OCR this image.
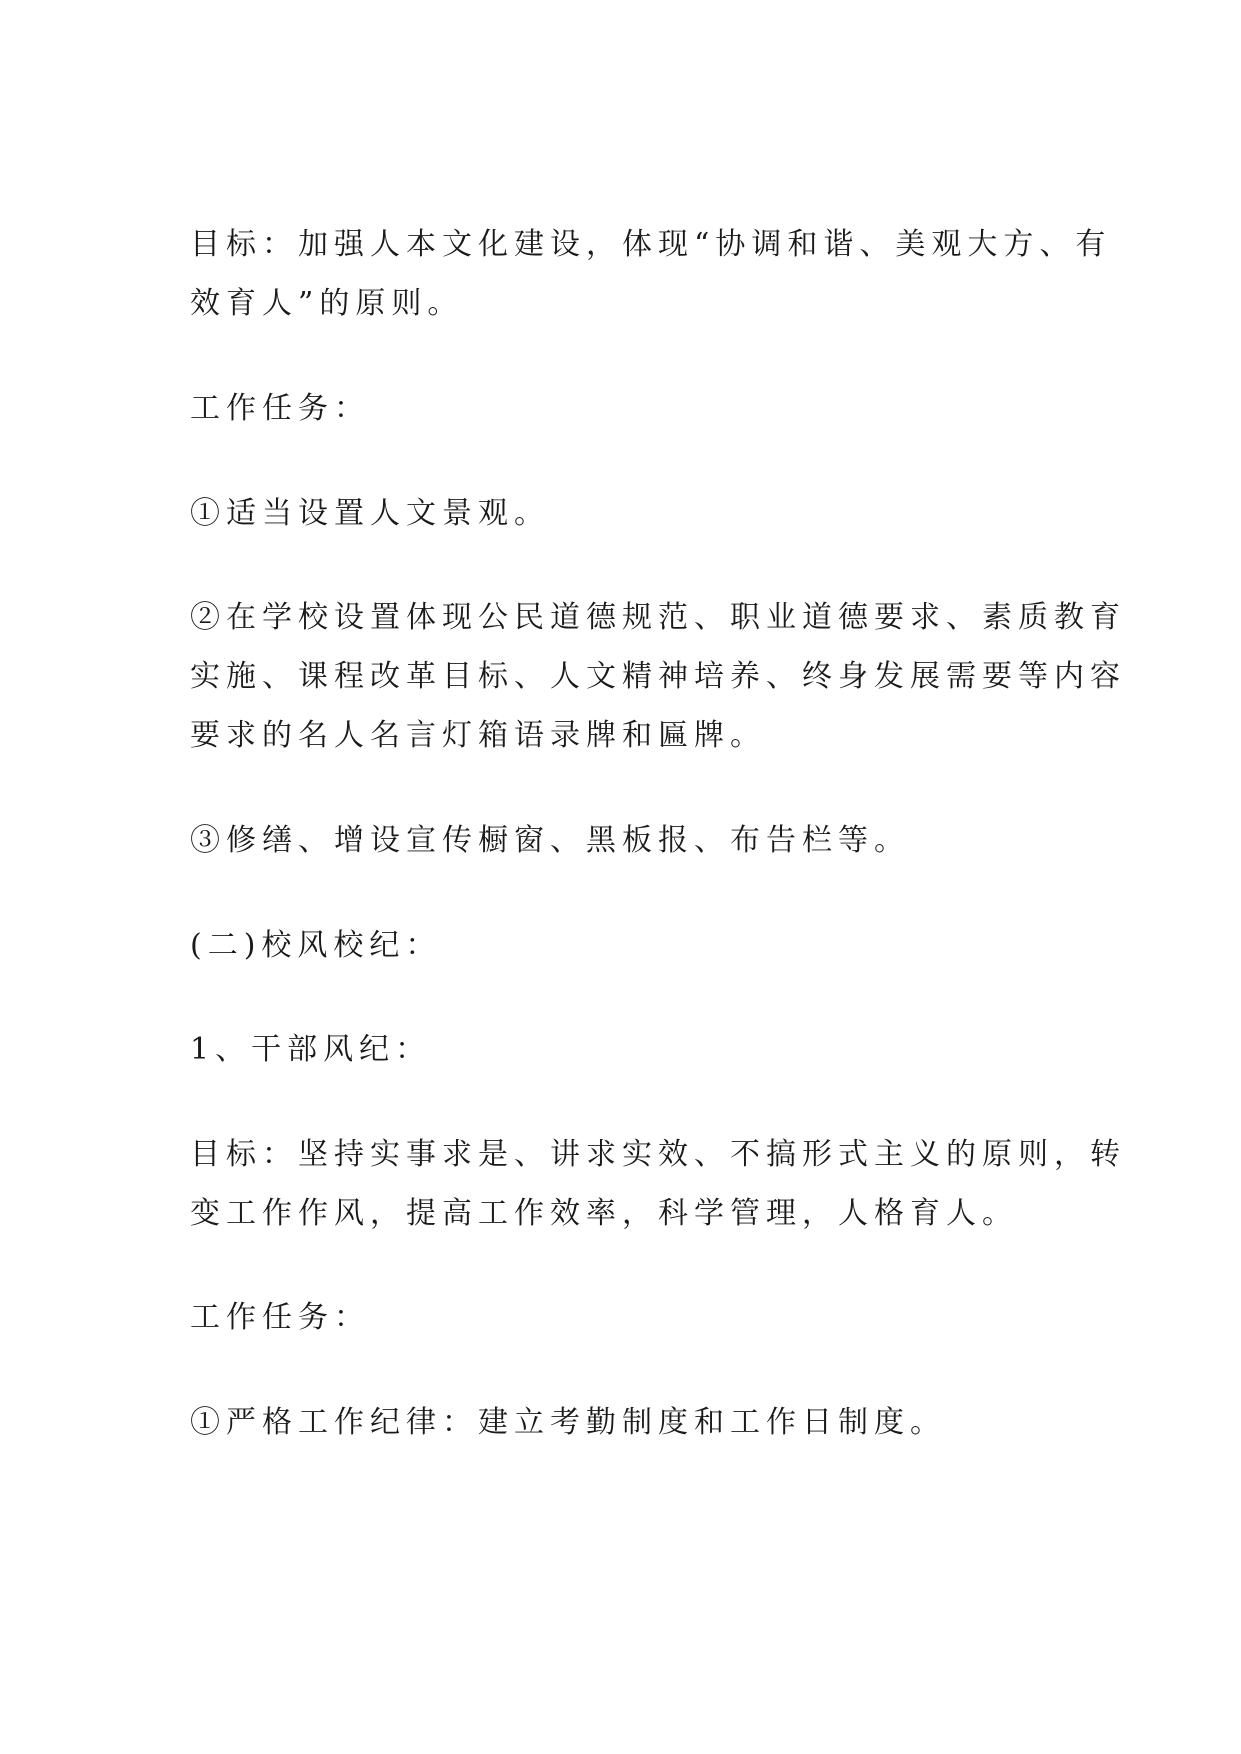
目标：加强人本文化建设，体现“协调和谐、美观大方、有
效育人”的原则。
工作任务：
①适当设置人文景观。
②在学校设置体现公民道德规范、职业道德要求、素质教育
实施、课程改革目标、人文精神培养、终身发展需要等内容
要求的名人名言灯箱语录牌和匾牌。
③修缮、增设宣传橱窗、黑板报、布告栏等。
(二)校风校纪：
1、干部风纪：
目标：坚持实事求是、讲求实效、不搞形式主义的原则，转
变工作作风，提高工作效率，科学管理，人格育人。
工作任务：
①严格工作纪律：建立考勤制度和工作日制度。
